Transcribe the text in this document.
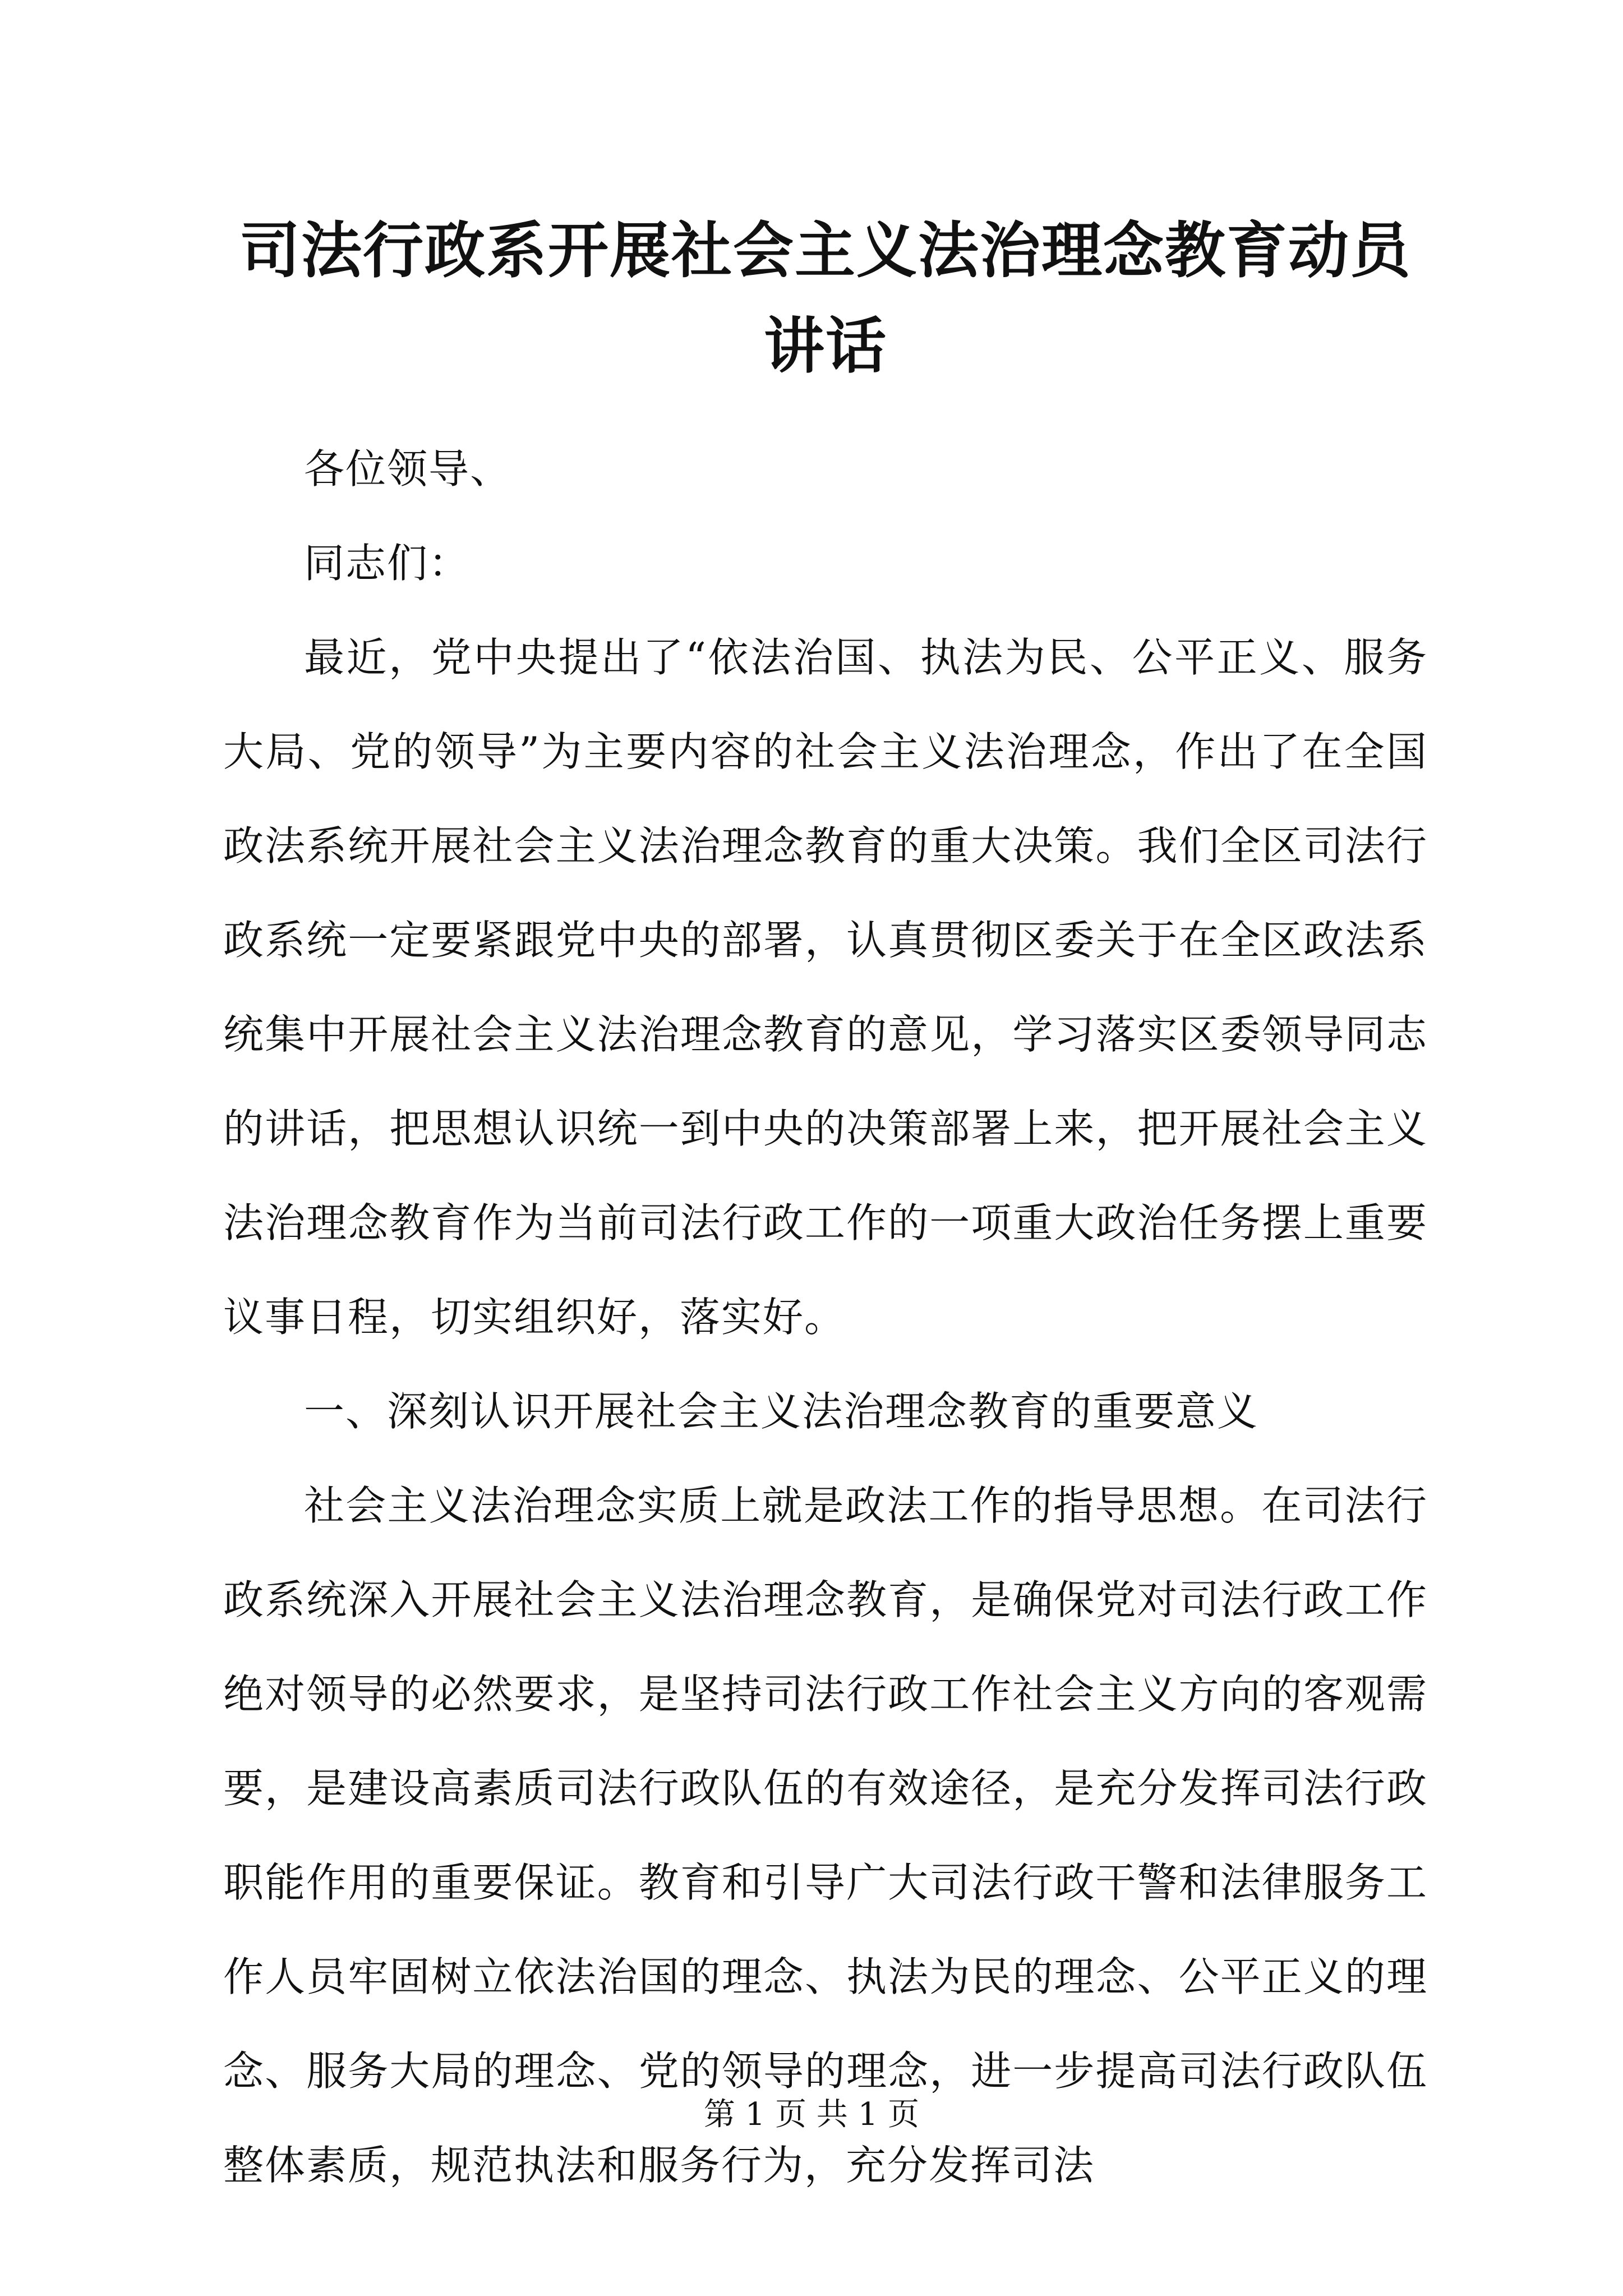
司法行政系开展社会主义法治理念教育动员讲话

各位领导、

同志们：

最近，党中央提出了“依法治国、执法为民、公平正义、服务大局、党的领导”为主要内容的社会主义法治理念，作出了在全国政法系统开展社会主义法治理念教育的重大决策。我们全区司法行政系统一定要紧跟党中央的部署，认真贯彻区委关于在全区政法系统集中开展社会主义法治理念教育的意见，学习落实区委领导同志的讲话，把思想认识统一到中央的决策部署上来，把开展社会主义法治理念教育作为当前司法行政工作的一项重大政治任务摆上重要议事日程，切实组织好，落实好。

一、深刻认识开展社会主义法治理念教育的重要意义

社会主义法治理念实质上就是政法工作的指导思想。在司法行政系统深入开展社会主义法治理念教育，是确保党对司法行政工作绝对领导的必然要求，是坚持司法行政工作社会主义方向的客观需要，是建设高素质司法行政队伍的有效途径，是充分发挥司法行政职能作用的重要保证。教育和引导广大司法行政干警和法律服务工作人员牢固树立依法治国的理念、执法为民的理念、公平正义的理念、服务大局的理念、党的领导的理念，进一步提高司法行政队伍整体素质，规范执法和服务行为，充分发挥司法

第 1 页 共 1 页
